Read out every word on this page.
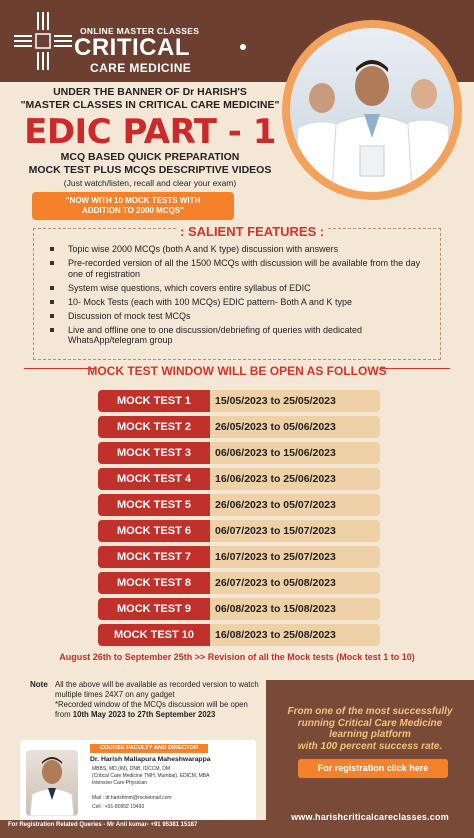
ONLINE MASTER CLASSES
CRITICAL
CARE MEDICINE
UNDER THE BANNER OF Dr HARISH'S
"MASTER CLASSES IN CRITICAL CARE MEDICINE"
EDIC PART - 1
MCQ BASED QUICK PREPARATION
MOCK TEST PLUS MCQS DESCRIPTIVE VIDEOS
(Just watch/listen, recall and clear your exam)
"NOW WITH 10 MOCK TESTS WITH
ADDITION TO 2000 MCQS"
: SALIENT FEATURES :
Topic wise 2000 MCQs (both A and K type) discussion with answers
Pre-recorded version of all the 1500 MCQs with discussion will be available from the day one of registration
System wise questions, which covers entire syllabus of EDIC
10- Mock Tests (each with 100 MCQs) EDIC pattern- Both A and K type
Discussion of mock test MCQs
Live and offline one to one discussion/debriefing of queries with dedicated WhatsApp/telegram group
MOCK TEST WINDOW WILL BE OPEN AS FOLLOWS
MOCK TEST 1	15/05/2023 to 25/05/2023
MOCK TEST 2	26/05/2023 to 05/06/2023
MOCK TEST 3	06/06/2023 to 15/06/2023
MOCK TEST 4	16/06/2023 to 25/06/2023
MOCK TEST 5	26/06/2023 to 05/07/2023
MOCK TEST 6	06/07/2023 to 15/07/2023
MOCK TEST 7	16/07/2023 to 25/07/2023
MOCK TEST 8	26/07/2023 to 05/08/2023
MOCK TEST 9	06/08/2023 to 15/08/2023
MOCK TEST 10	16/08/2023 to 25/08/2023
August 26th to September 25th >> Revision of all the Mock tests (Mock test 1 to 10)
Note All the above will be available as recorded version to watch multiple times 24X7 on any gadget
*Recorded window of the MCQs discussion will be open from 10th May 2023 to 27th September 2023	From one of the most successfully
running Critical Care Medicine
learning platform
with 100 percent success rate.
For registration click here
www.harishcriticalcareclasses.com
COURSE FACULTY AND DIRECTOR
Dr. Harish Mallapura Maheshwarappa
MBBS, MD (IM), DNB, IDCCM, DM
(Critical Care Medicine TMH, Mumbai), EDICM, MBA
Intensive Care Physician
Mail : dr.harishmm@rocketmail.com
Cell : +91-80952 19493
For Registration Related Queries - Mr Anil kumar- +91 95381 15187
